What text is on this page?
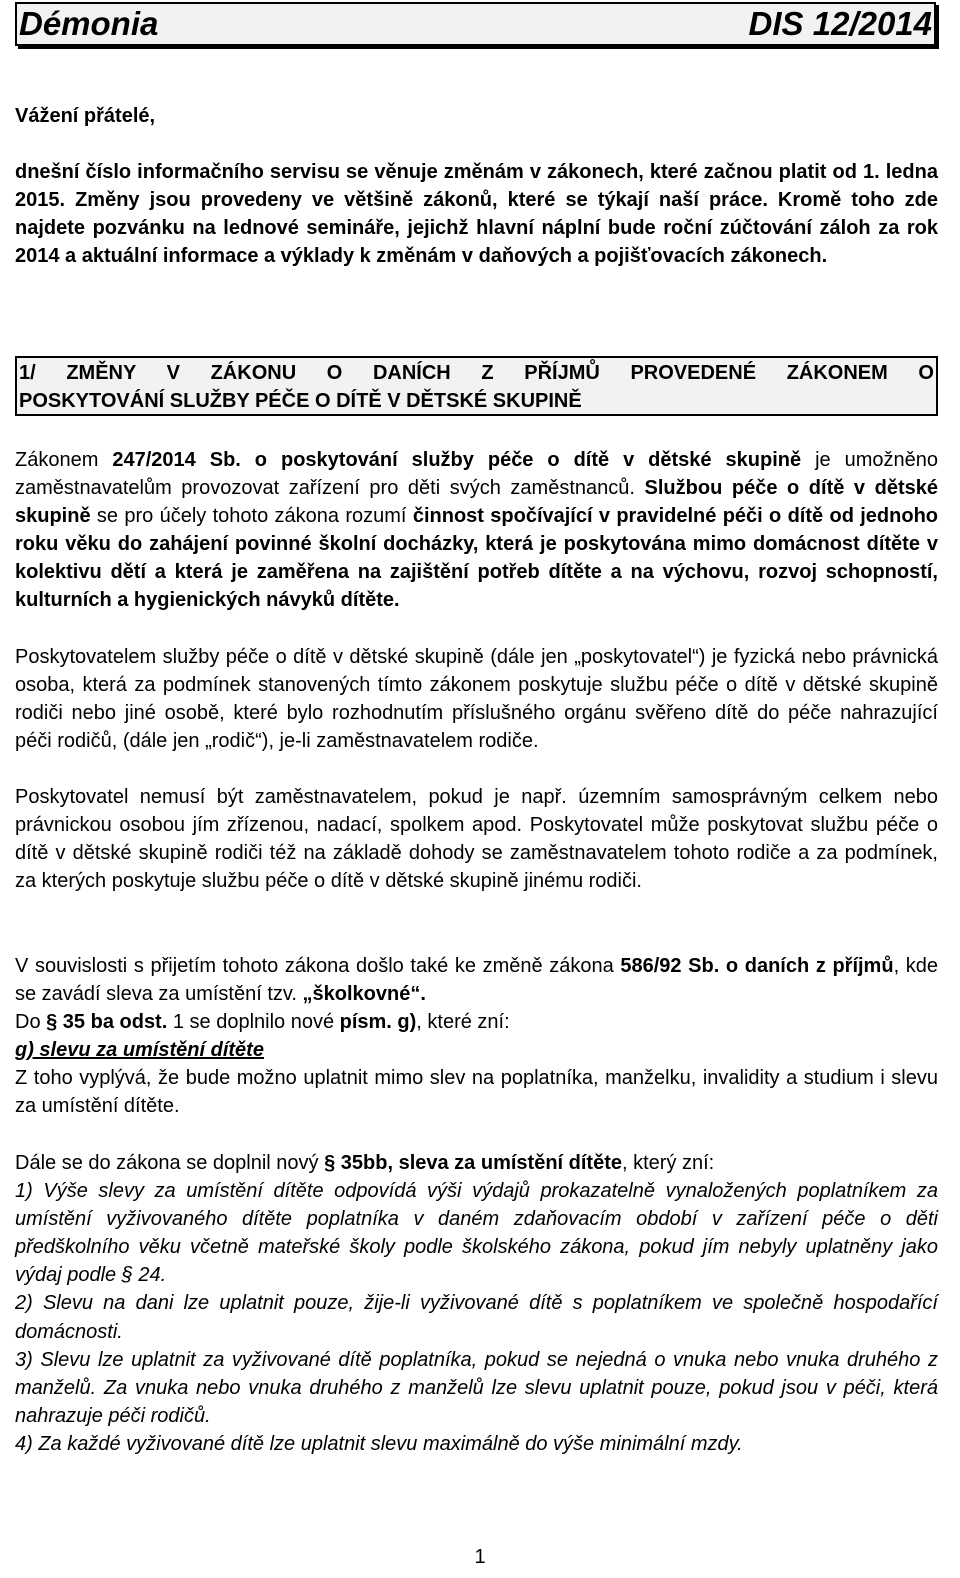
Démonia	DIS 12/2014
Vážení přátelé,
dnešní číslo informačního servisu se věnuje změnám v zákonech, které začnou platit od 1. ledna 2015. Změny jsou provedeny ve většině zákonů, které se týkají naší práce. Kromě toho zde najdete pozvánku na lednové semináře, jejichž hlavní náplní bude roční zúčtování záloh za rok 2014 a aktuální informace a výklady k změnám v daňových a pojišťovacích zákonech.
1/ ZMĚNY V ZÁKONU O DANÍCH Z PŘÍJMŮ PROVEDENÉ ZÁKONEM O
POSKYTOVÁNÍ SLUŽBY PÉČE O DÍTĚ V DĚTSKÉ SKUPINĚ
Zákonem 247/2014 Sb. o poskytování služby péče o dítě v dětské skupině je umožněno zaměstnavatelům provozovat zařízení pro děti svých zaměstnanců. Službou péče o dítě v dětské skupině se pro účely tohoto zákona rozumí činnost spočívající v pravidelné péči o dítě od jednoho roku věku do zahájení povinné školní docházky, která je poskytována mimo domácnost dítěte v kolektivu dětí a která je zaměřena na zajištění potřeb dítěte a na výchovu, rozvoj schopností, kulturních a hygienických návyků dítěte.
Poskytovatelem služby péče o dítě v dětské skupině (dále jen „poskytovatel“) je fyzická nebo právnická osoba, která za podmínek stanovených tímto zákonem poskytuje službu péče o dítě v dětské skupině rodiči nebo jiné osobě, které bylo rozhodnutím příslušného orgánu svěřeno dítě do péče nahrazující péči rodičů, (dále jen „rodič“), je-li zaměstnavatelem rodiče.
Poskytovatel nemusí být zaměstnavatelem, pokud je např. územním samosprávným celkem nebo právnickou osobou jím zřízenou, nadací, spolkem apod. Poskytovatel může poskytovat službu péče o dítě v dětské skupině rodiči též na základě dohody se zaměstnavatelem tohoto rodiče a za podmínek, za kterých poskytuje službu péče o dítě v dětské skupině jinému rodiči.
V souvislosti s přijetím tohoto zákona došlo také ke změně zákona 586/92 Sb. o daních z příjmů, kde se zavádí sleva za umístění tzv. „školkovné“.
Do § 35 ba odst. 1 se doplnilo nové písm. g), které zní:
g) slevu za umístění dítěte
Z toho vyplývá, že bude možno uplatnit mimo slev na poplatníka, manželku, invalidity a studium i slevu za umístění dítěte.
Dále se do zákona se doplnil nový § 35bb, sleva za umístění dítěte, který zní:
1) Výše slevy za umístění dítěte odpovídá výši výdajů prokazatelně vynaložených poplatníkem za umístění vyživovaného dítěte poplatníka v daném zdaňovacím období v zařízení péče o děti předškolního věku včetně mateřské školy podle školského zákona, pokud jím nebyly uplatněny jako výdaj podle § 24.
2) Slevu na dani lze uplatnit pouze, žije-li vyživované dítě s poplatníkem ve společně hospodařící domácnosti.
3) Slevu lze uplatnit za vyživované dítě poplatníka, pokud se nejedná o vnuka nebo vnuka druhého z manželů. Za vnuka nebo vnuka druhého z manželů lze slevu uplatnit pouze, pokud jsou v péči, která nahrazuje péči rodičů.
4) Za každé vyživované dítě lze uplatnit slevu maximálně do výše minimální mzdy.
1
